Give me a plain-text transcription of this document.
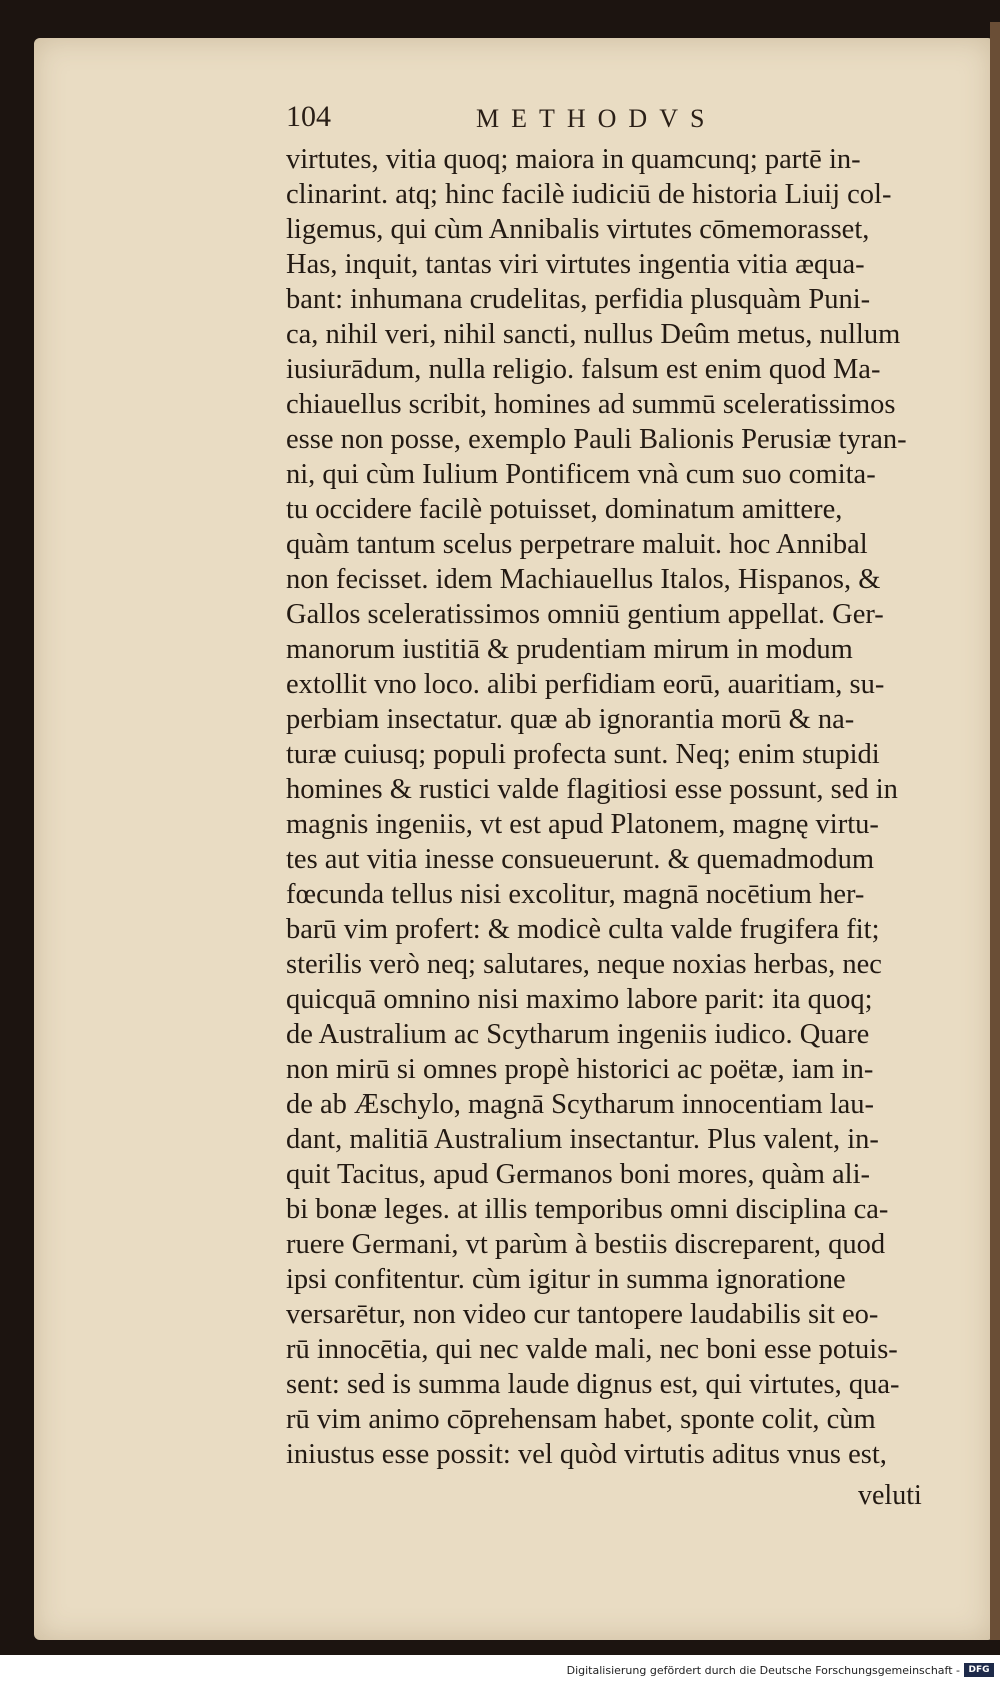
104	METHODVS
virtutes, vitia quoq; maiora in quamcunq; partē in-
clinarint. atq; hinc facilè iudiciū de historia Liuij col-
ligemus, qui cùm Annibalis virtutes cōmemorasset,
Has, inquit, tantas viri virtutes ingentia vitia æqua-
bant: inhumana crudelitas, perfidia plusquàm Puni-
ca, nihil veri, nihil sancti, nullus Deûm metus, nullum
iusiurādum, nulla religio. falsum est enim quod Ma-
chiauellus scribit, homines ad summū sceleratissimos
esse non posse, exemplo Pauli Balionis Perusiæ tyran-
ni, qui cùm Iulium Pontificem vnà cum suo comita-
tu occidere facilè potuisset, dominatum amittere,
quàm tantum scelus perpetrare maluit. hoc Annibal
non fecisset. idem Machiauellus Italos, Hispanos, &
Gallos sceleratissimos omniū gentium appellat. Ger-
manorum iustitiā & prudentiam mirum in modum
extollit vno loco. alibi perfidiam eorū, auaritiam, su-
perbiam insectatur. quæ ab ignorantia morū & na-
turæ cuiusq; populi profecta sunt. Neq; enim stupidi
homines & rustici valde flagitiosi esse possunt, sed in
magnis ingeniis, vt est apud Platonem, magnę virtu-
tes aut vitia inesse consueuerunt. & quemadmodum
fœcunda tellus nisi excolitur, magnā nocētium her-
barū vim profert: & modicè culta valde frugifera fit;
sterilis verò neq; salutares, neque noxias herbas, nec
quicquā omnino nisi maximo labore parit: ita quoq;
de Australium ac Scytharum ingeniis iudico. Quare
non mirū si omnes propè historici ac poëtæ, iam in-
de ab Æschylo, magnā Scytharum innocentiam lau-
dant, malitiā Australium insectantur. Plus valent, in-
quit Tacitus, apud Germanos boni mores, quàm ali-
bi bonæ leges. at illis temporibus omni disciplina ca-
ruere Germani, vt parùm à bestiis discreparent, quod
ipsi confitentur. cùm igitur in summa ignoratione
versarētur, non video cur tantopere laudabilis sit eo-
rū innocētia, qui nec valde mali, nec boni esse potuis-
sent: sed is summa laude dignus est, qui virtutes, qua-
rū vim animo cōprehensam habet, sponte colit, cùm
iniustus esse possit: vel quòd virtutis aditus vnus est,
veluti
Digitalisierung gefördert durch die Deutsche Forschungsgemeinschaft - DFG
